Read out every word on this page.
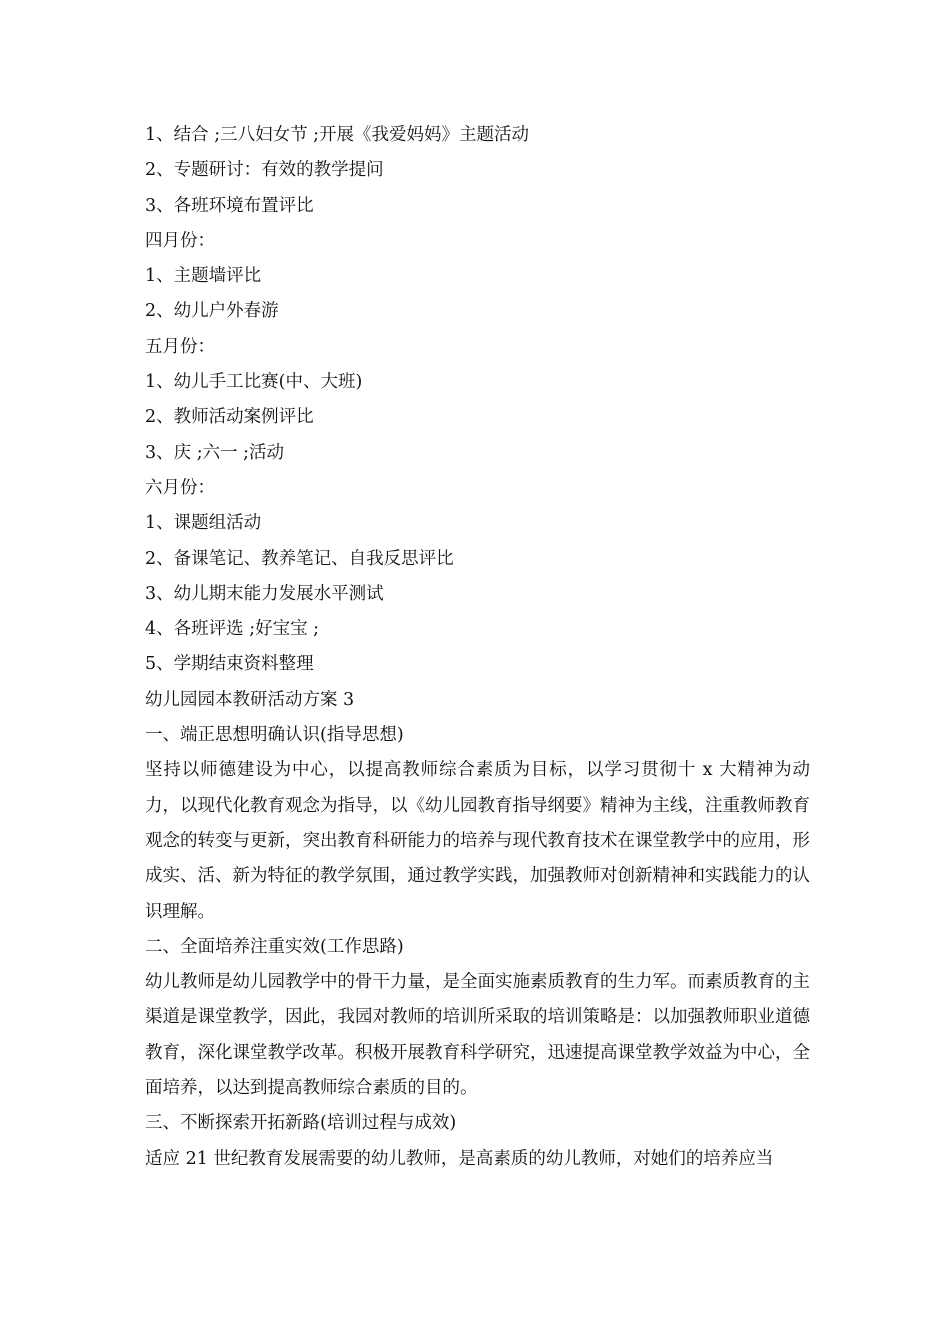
1、结合 ;三八妇女节 ;开展《我爱妈妈》主题活动
2、专题研讨：有效的教学提问
3、各班环境布置评比
四月份：
1、主题墙评比
2、幼儿户外春游
五月份：
1、幼儿手工比赛(中、大班)
2、教师活动案例评比
3、庆 ;六一 ;活动
六月份：
1、课题组活动
2、备课笔记、教养笔记、自我反思评比
3、幼儿期末能力发展水平测试
4、各班评选 ;好宝宝 ;
5、学期结束资料整理
幼儿园园本教研活动方案 3
一、端正思想明确认识(指导思想)

坚持以师德建设为中心，以提高教师综合素质为目标，以学习贯彻十 x 大精神为动力，以现代化教育观念为指导，以《幼儿园教育指导纲要》精神为主线，注重教师教育观念的转变与更新，突出教育科研能力的培养与现代教育技术在课堂教学中的应用，形成实、活、新为特征的教学氛围，通过教学实践，加强教师对创新精神和实践能力的认识理解。

二、全面培养注重实效(工作思路)

幼儿教师是幼儿园教学中的骨干力量，是全面实施素质教育的生力军。而素质教育的主渠道是课堂教学，因此，我园对教师的培训所采取的培训策略是：以加强教师职业道德教育，深化课堂教学改革。积极开展教育科学研究，迅速提高课堂教学效益为中心，全面培养，以达到提高教师综合素质的目的。

三、不断探索开拓新路(培训过程与成效)

适应 21 世纪教育发展需要的幼儿教师，是高素质的幼儿教师，对她们的培养应当
